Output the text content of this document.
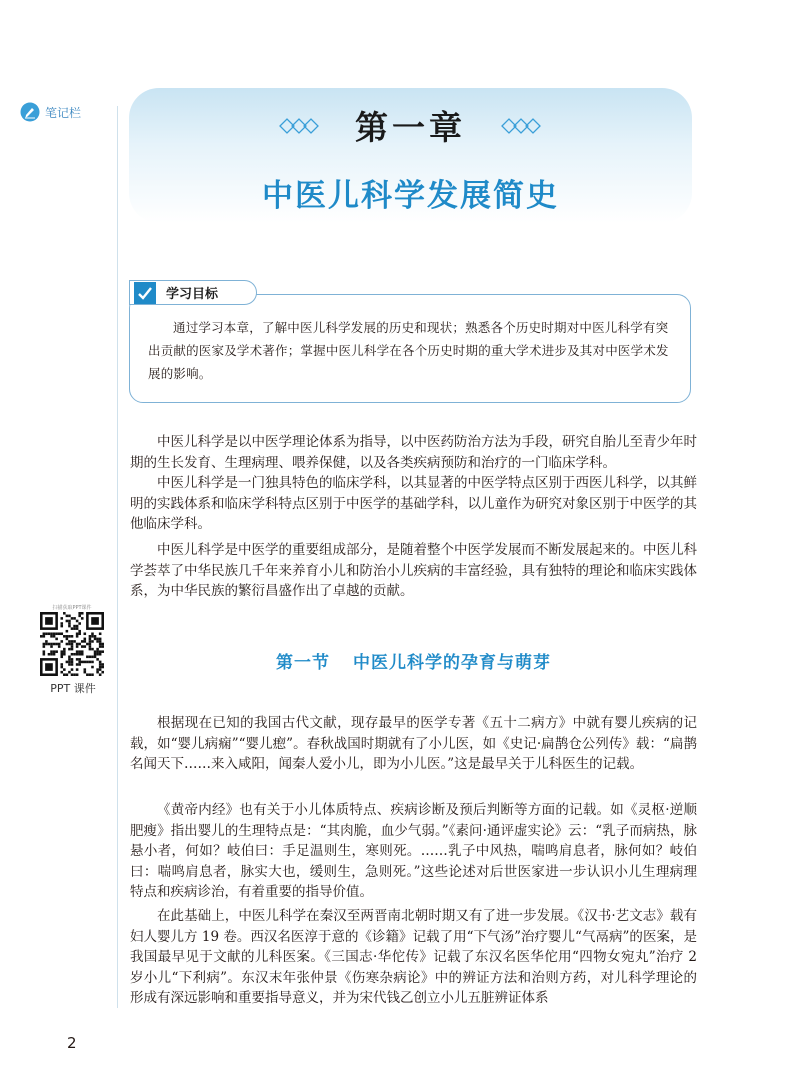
笔记栏
扫描获取PPT课件
PPT 课件
第一章
中医儿科学发展简史
学习目标
通过学习本章，了解中医儿科学发展的历史和现状；熟悉各个历史时期对中医儿科学有突出贡献的医家及学术著作；掌握中医儿科学在各个历史时期的重大学术进步及其对中医学术发展的影响。

中医儿科学是以中医学理论体系为指导，以中医药防治方法为手段，研究自胎儿至青少年时期的生长发育、生理病理、喂养保健，以及各类疾病预防和治疗的一门临床学科。

中医儿科学是一门独具特色的临床学科，以其显著的中医学特点区别于西医儿科学，以其鲜明的实践体系和临床学科特点区别于中医学的基础学科，以儿童作为研究对象区别于中医学的其他临床学科。

中医儿科学是中医学的重要组成部分，是随着整个中医学发展而不断发展起来的。中医儿科学荟萃了中华民族几千年来养育小儿和防治小儿疾病的丰富经验，具有独特的理论和临床实践体系，为中华民族的繁衍昌盛作出了卓越的贡献。

第一节 中医儿科学的孕育与萌芽

根据现在已知的我国古代文献，现存最早的医学专著《五十二病方》中就有婴儿疾病的记载，如“婴儿病痫”“婴儿瘛”。春秋战国时期就有了小儿医，如《史记·扁鹊仓公列传》载：“扁鹊名闻天下……来入咸阳，闻秦人爱小儿，即为小儿医。”这是最早关于儿科医生的记载。

《黄帝内经》也有关于小儿体质特点、疾病诊断及预后判断等方面的记载。如《灵枢·逆顺肥瘦》指出婴儿的生理特点是：“其肉脆，血少气弱。”《素问·通评虚实论》云：“乳子而病热，脉悬小者，何如？岐伯曰：手足温则生，寒则死。……乳子中风热，喘鸣肩息者，脉何如？岐伯曰：喘鸣肩息者，脉实大也，缓则生，急则死。”这些论述对后世医家进一步认识小儿生理病理特点和疾病诊治，有着重要的指导价值。

在此基础上，中医儿科学在秦汉至两晋南北朝时期又有了进一步发展。《汉书·艺文志》载有妇人婴儿方 19 卷。西汉名医淳于意的《诊籍》记载了用“下气汤”治疗婴儿“气鬲病”的医案，是我国最早见于文献的儿科医案。《三国志·华佗传》记载了东汉名医华佗用“四物女宛丸”治疗 2 岁小儿“下利病”。东汉末年张仲景《伤寒杂病论》中的辨证方法和治则方药，对儿科学理论的形成有深远影响和重要指导意义，并为宋代钱乙创立小儿五脏辨证体系

2
